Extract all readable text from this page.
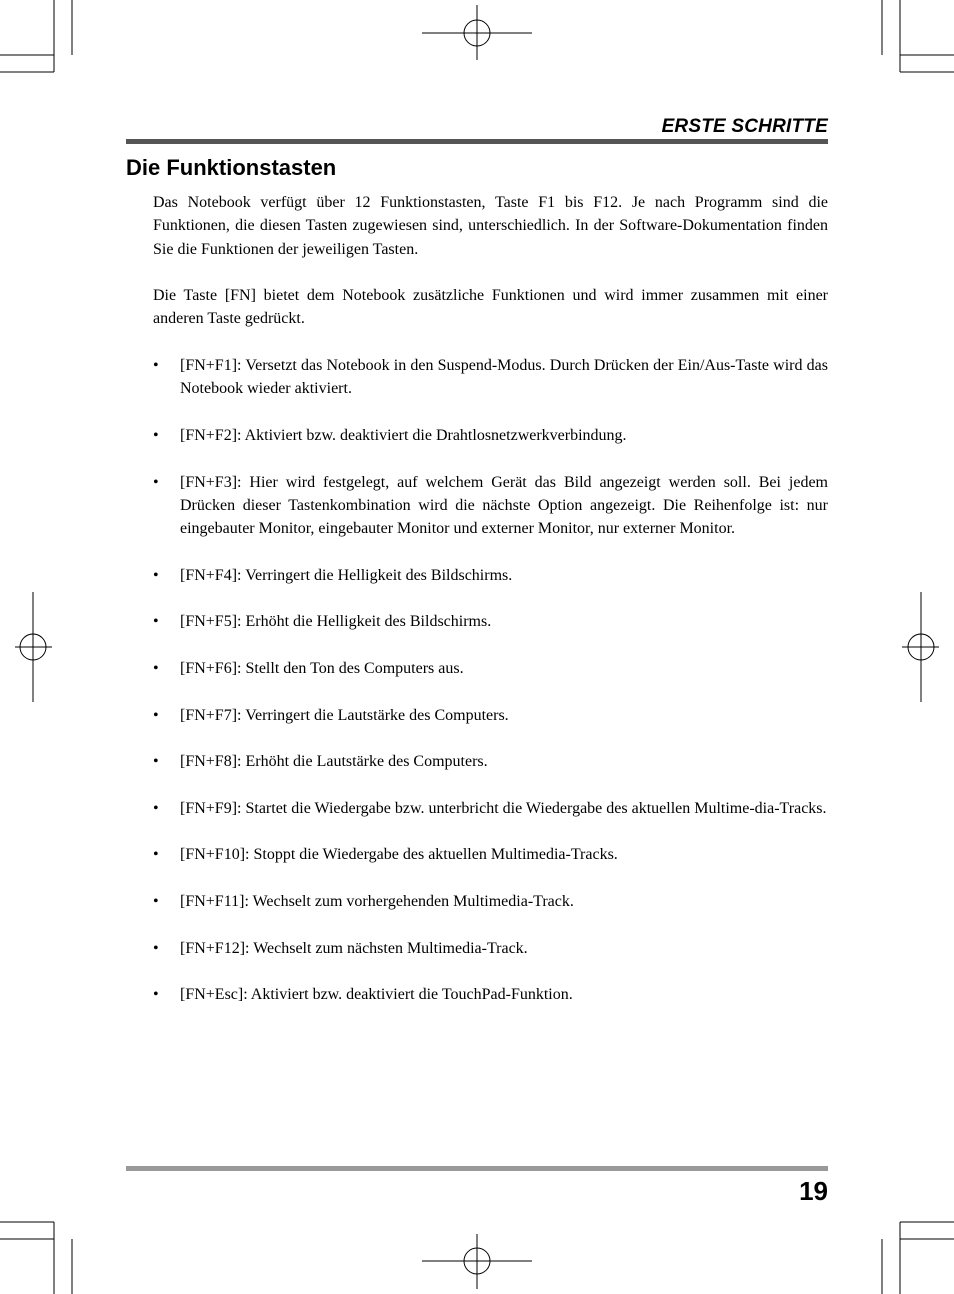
ERSTE SCHRITTE
Die Funktionstasten

Das Notebook verfügt über 12 Funktionstasten, Taste F1 bis F12. Je nach Programm sind die Funktionen, die diesen Tasten zugewiesen sind, unterschiedlich. In der Software-Dokumentation finden Sie die Funktionen der jeweiligen Tasten.

Die Taste [FN] bietet dem Notebook zusätzliche Funktionen und wird immer zusammen mit einer anderen Taste gedrückt.

• [FN+F1]: Versetzt das Notebook in den Suspend-Modus. Durch Drücken der Ein/Aus-Taste wird das Notebook wieder aktiviert.
• [FN+F2]: Aktiviert bzw. deaktiviert die Drahtlosnetzwerkverbindung.
• [FN+F3]: Hier wird festgelegt, auf welchem Gerät das Bild angezeigt werden soll. Bei jedem Drücken dieser Tastenkombination wird die nächste Option angezeigt. Die Reihenfolge ist: nur eingebauter Monitor, eingebauter Monitor und externer Monitor, nur externer Monitor.
• [FN+F4]: Verringert die Helligkeit des Bildschirms.
• [FN+F5]: Erhöht die Helligkeit des Bildschirms.
• [FN+F6]: Stellt den Ton des Computers aus.
• [FN+F7]: Verringert die Lautstärke des Computers.
• [FN+F8]: Erhöht die Lautstärke des Computers.
• [FN+F9]: Startet die Wiedergabe bzw. unterbricht die Wiedergabe des aktuellen Multime-dia-Tracks.
• [FN+F10]: Stoppt die Wiedergabe des aktuellen Multimedia-Tracks.
• [FN+F11]: Wechselt zum vorhergehenden Multimedia-Track.
• [FN+F12]: Wechselt zum nächsten Multimedia-Track.
• [FN+Esc]: Aktiviert bzw. deaktiviert die TouchPad-Funktion.
19
